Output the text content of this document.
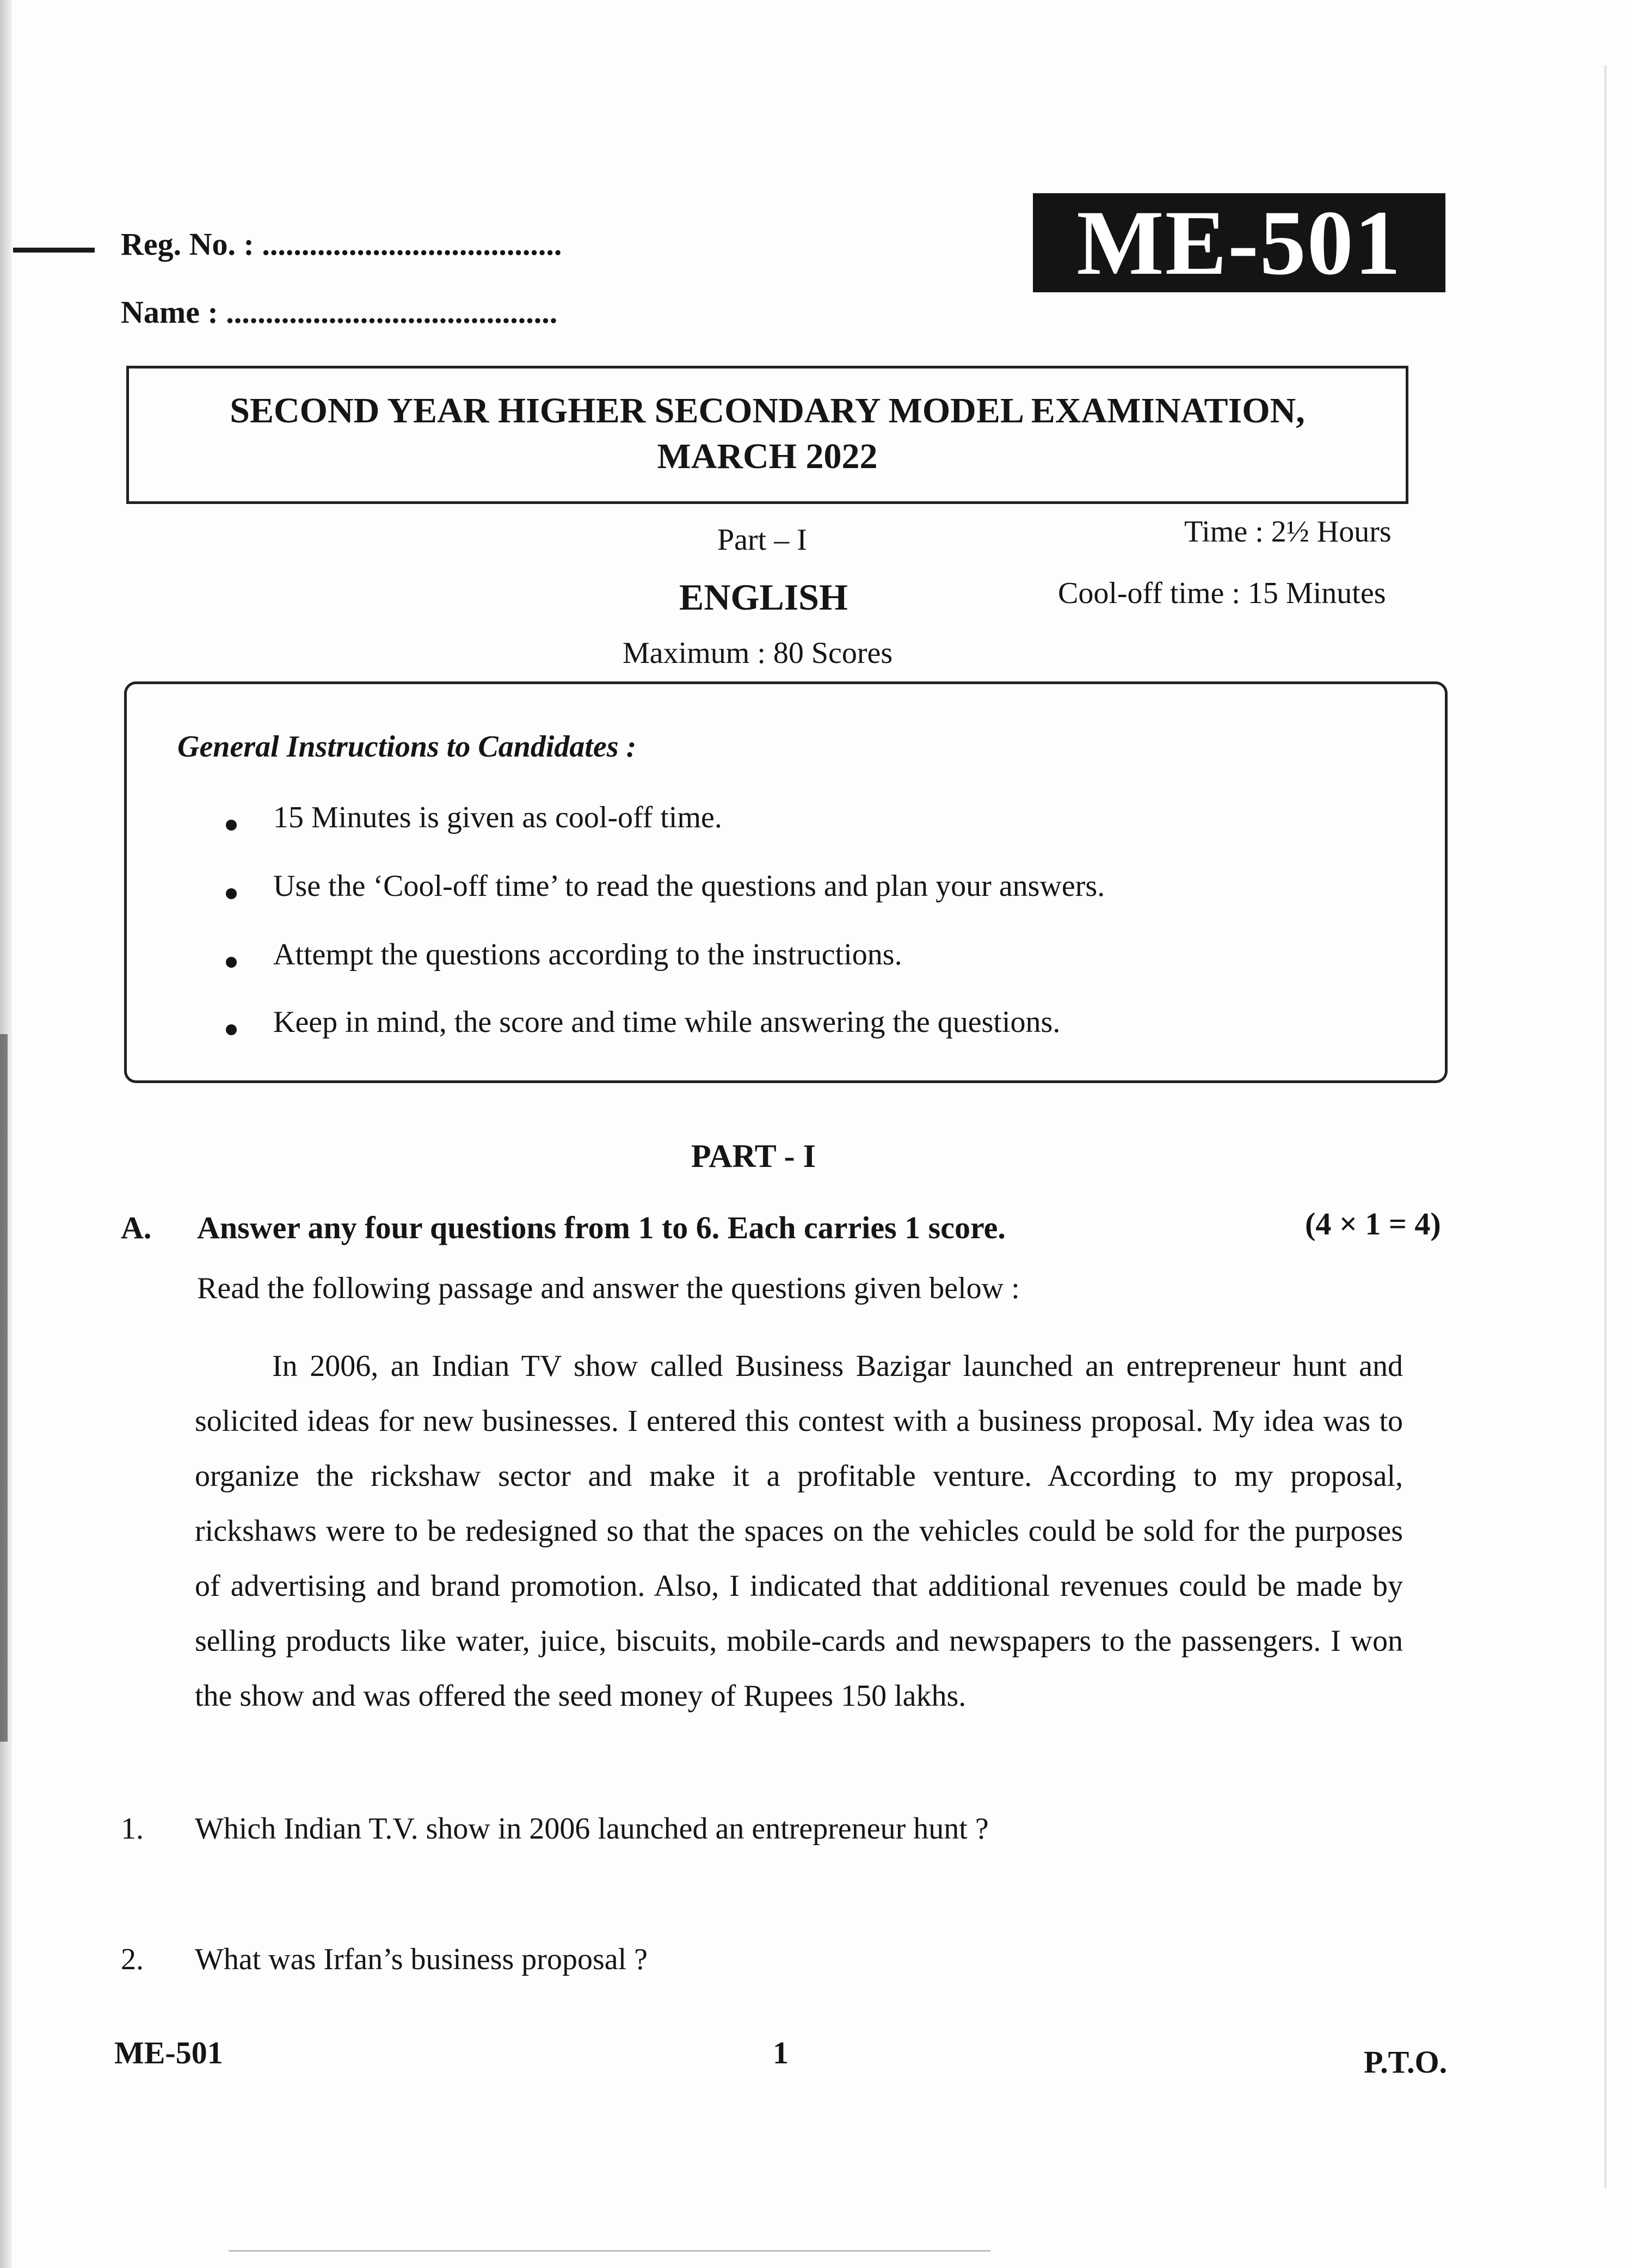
Reg. No. : ......................................
Name : ..........................................
ME-501
SECOND YEAR HIGHER SECONDARY MODEL EXAMINATION,
MARCH 2022
Part – I	Time : 2½ Hours
ENGLISH	Cool-off time : 15 Minutes
Maximum : 80 Scores
General Instructions to Candidates :
15 Minutes is given as cool-off time.
Use the ‘Cool-off time’ to read the questions and plan your answers.
Attempt the questions according to the instructions.
Keep in mind, the score and time while answering the questions.
PART - I
A. Answer any four questions from 1 to 6. Each carries 1 score.	(4 × 1 = 4)
Read the following passage and answer the questions given below :
In 2006, an Indian TV show called Business Bazigar launched an entrepreneur hunt and solicited ideas for new businesses. I entered this contest with a business proposal. My idea was to organize the rickshaw sector and make it a profitable venture. According to my proposal, rickshaws were to be redesigned so that the spaces on the vehicles could be sold for the purposes of advertising and brand promotion. Also, I indicated that additional revenues could be made by selling products like water, juice, biscuits, mobile-cards and newspapers to the passengers. I won the show and was offered the seed money of Rupees 150 lakhs.
1. Which Indian T.V. show in 2006 launched an entrepreneur hunt ?
2. What was Irfan’s business proposal ?
ME-501	1	P.T.O.
